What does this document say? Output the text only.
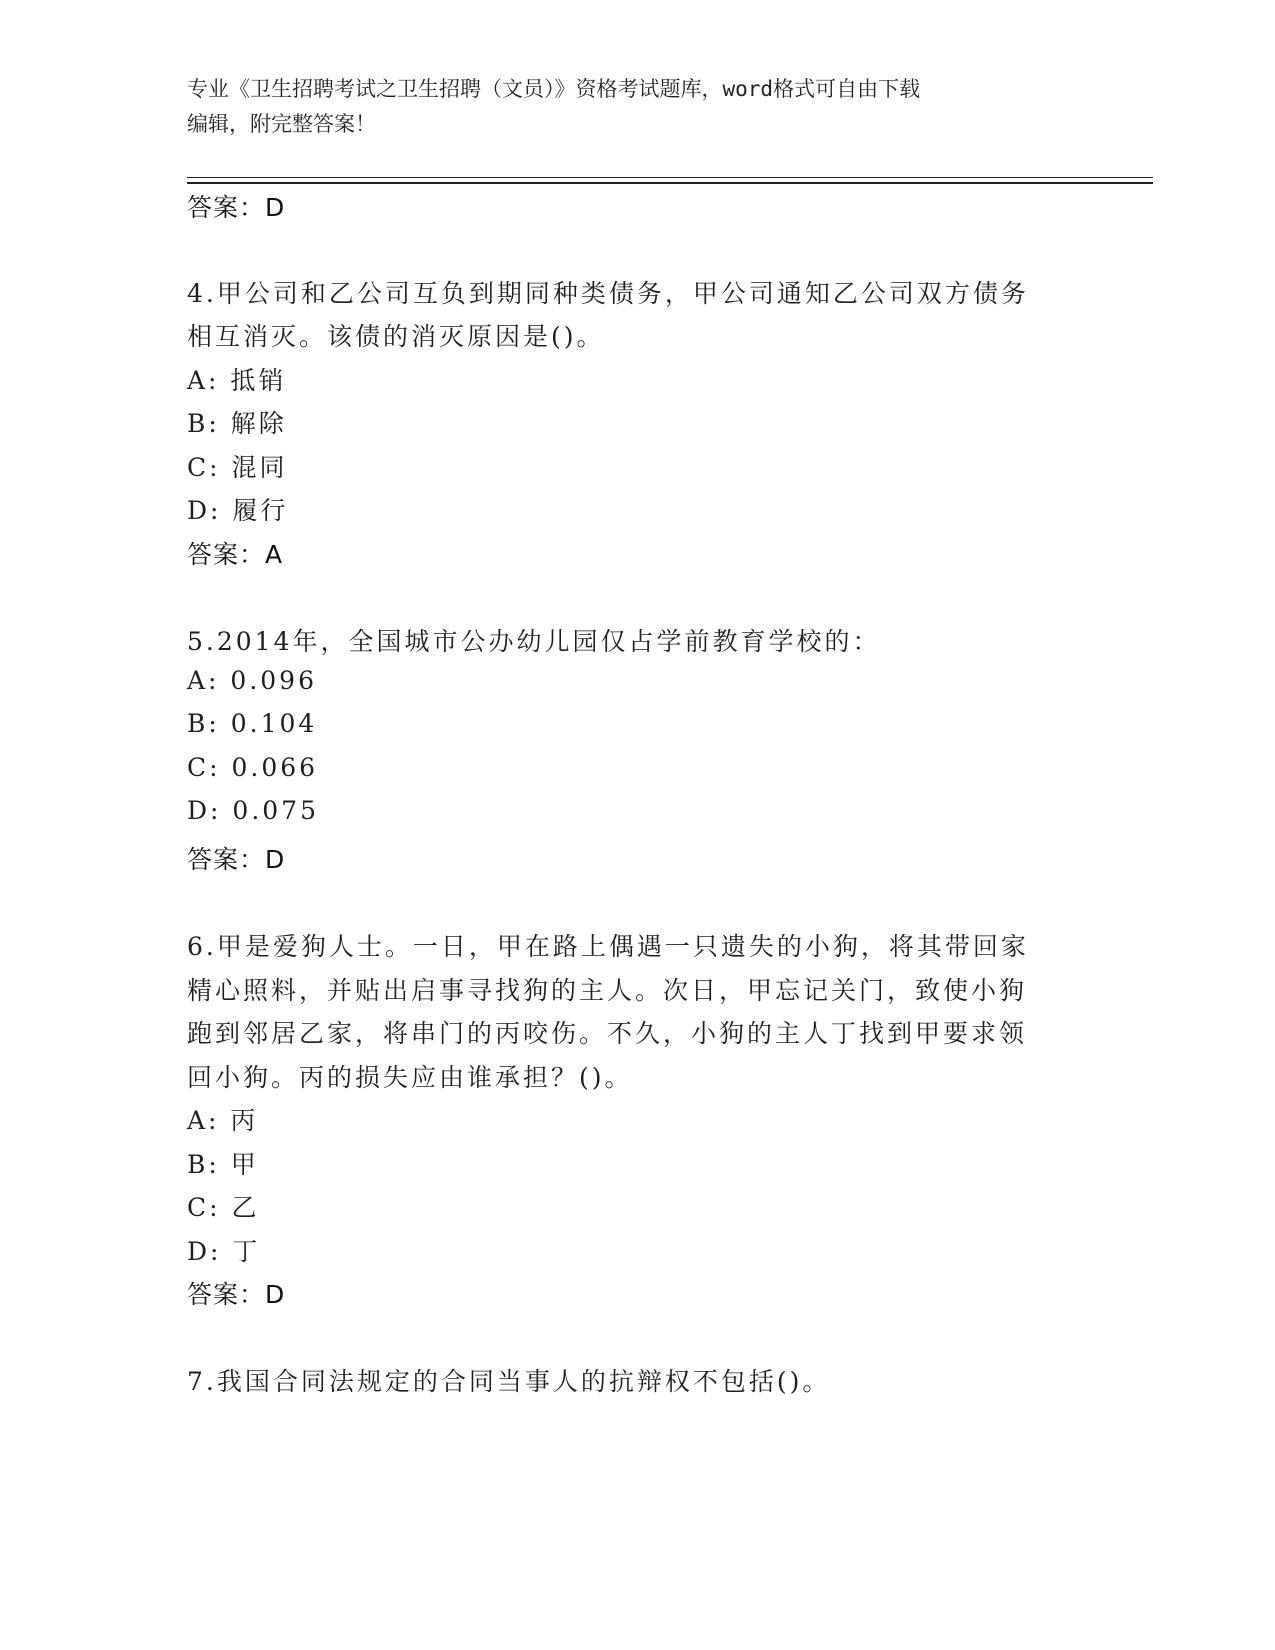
专业《卫生招聘考试之卫生招聘（文员）》资格考试题库，word格式可自由下载
编辑，附完整答案！
答案：D
4.甲公司和乙公司互负到期同种类债务，甲公司通知乙公司双方债务
相互消灭。该债的消灭原因是()。
A: 抵销
B: 解除
C: 混同
D: 履行
答案：A
5.2014年，全国城市公办幼儿园仅占学前教育学校的：
A: 0.096
B: 0.104
C: 0.066
D: 0.075
答案：D
6.甲是爱狗人士。一日，甲在路上偶遇一只遗失的小狗，将其带回家
精心照料，并贴出启事寻找狗的主人。次日，甲忘记关门，致使小狗
跑到邻居乙家，将串门的丙咬伤。不久，小狗的主人丁找到甲要求领
回小狗。丙的损失应由谁承担？()。
A: 丙
B: 甲
C: 乙
D: 丁
答案：D
7.我国合同法规定的合同当事人的抗辩权不包括()。
